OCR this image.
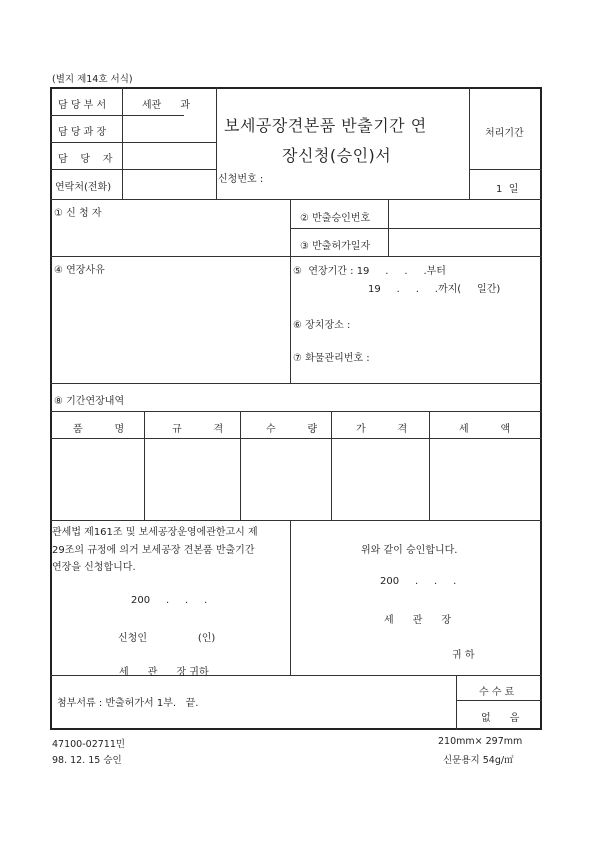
(별지 제14호 서식)
담 당 부 서	세관      과
담 당 과 장
담    당    자
연락처(전화)
보세공장견본품 반출기간 연
장신청(승인)서
신청번호 :
처리기간
1  일
① 신 청 자	② 반출승인번호
③ 반출허가일자
④ 연장사유	⑤  연장기간 : 19     .     .     .부터
19     .     .     .까지(     일간)
⑥ 장치장소 :
⑦ 화물관리번호 :
⑧ 기간연장내역
품          명	규          격	수          량	가          격	세          액
관세법 제161조 및 보세공장운영에관한고시 제
29조의 규정에 의거 보세공장 견본품 반출기간
연장을 신청합니다.
200     .     .     .
신청인                (인)
세      관      장 귀하
위와 같이 승인합니다.
200     .     .     .
세      관      장
귀 하
첨부서류 : 반출허가서 1부.   끝.
수 수 료
없      음
47100-02711민
98. 12. 15 승인
210mm× 297mm
신문용지 54g/㎡
